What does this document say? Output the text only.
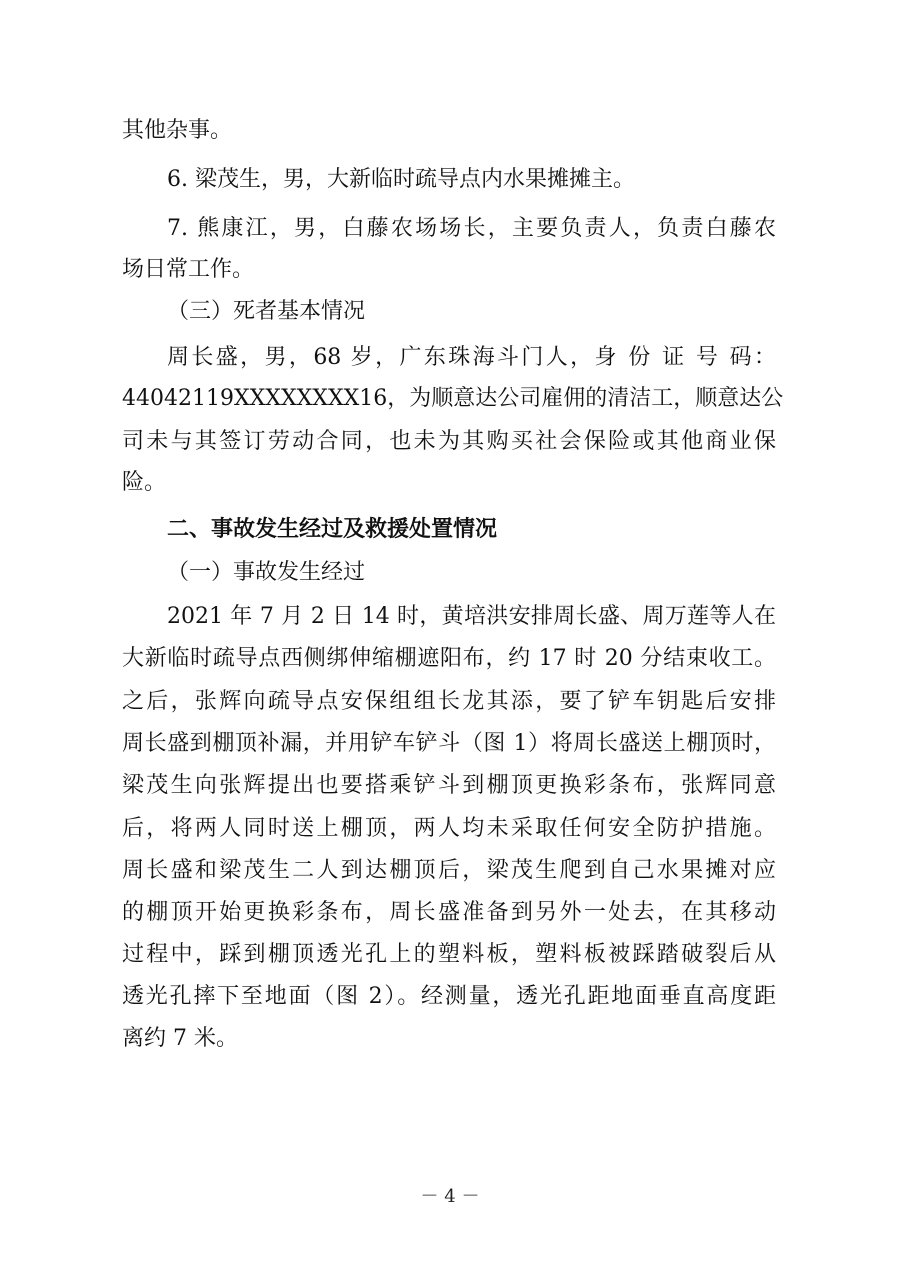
其他杂事。
6. 梁茂生，男，大新临时疏导点内水果摊摊主。
7. 熊康江，男，白藤农场场长，主要负责人，负责白藤农
场日常工作。
（三）死者基本情况
周长盛，男，68 岁，广东珠海斗门人，身 份 证 号 码：
44042119XXXXXXXX16，为顺意达公司雇佣的清洁工，顺意达公
司未与其签订劳动合同，也未为其购买社会保险或其他商业保
险。
二、事故发生经过及救援处置情况
（一）事故发生经过
2021 年 7 月 2 日 14 时，黄培洪安排周长盛、周万莲等人在
大新临时疏导点西侧绑伸缩棚遮阳布，约 17 时 20 分结束收工。
之后，张辉向疏导点安保组组长龙其添，要了铲车钥匙后安排
周长盛到棚顶补漏，并用铲车铲斗（图 1）将周长盛送上棚顶时，
梁茂生向张辉提出也要搭乘铲斗到棚顶更换彩条布，张辉同意
后，将两人同时送上棚顶，两人均未采取任何安全防护措施。
周长盛和梁茂生二人到达棚顶后，梁茂生爬到自己水果摊对应
的棚顶开始更换彩条布，周长盛准备到另外一处去，在其移动
过程中，踩到棚顶透光孔上的塑料板，塑料板被踩踏破裂后从
透光孔摔下至地面（图 2）。经测量，透光孔距地面垂直高度距
离约 7 米。
－ 4 －
